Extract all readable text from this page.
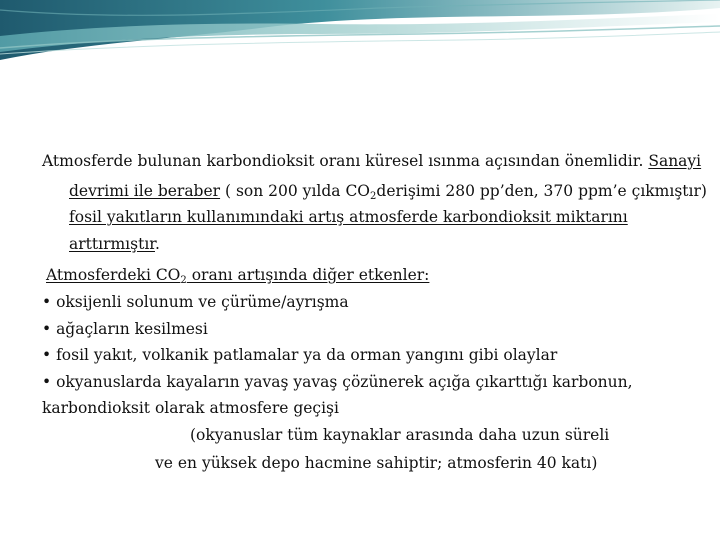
Atmosferde bulunan karbondioksit oranı küresel ısınma açısından önemlidir. Sanayi
devrimi ile beraber ( son 200 yılda $CO_2derişimi$ 280 pp’den, 370 ppm’e çıkmıştır)
fosil yakıtların kullanımındaki artış atmosferde karbondioksit miktarını
arttırmıştır.
Atmosferdeki $CO_2$ oranı artışında diğer etkenler:
• oksijenli solunum ve çürüme/ayrışma
• ağaçların kesilmesi
• fosil yakıt, volkanik patlamalar ya da orman yangını gibi olaylar
• okyanuslarda kayaların yavaş yavaş çözünerek açığa çıkarttığı karbonun,
karbondioksit olarak atmosfere geçişi
(okyanuslar tüm kaynaklar arasında daha uzun süreli
ve en yüksek depo hacmine sahiptir; atmosferin 40 katı)
